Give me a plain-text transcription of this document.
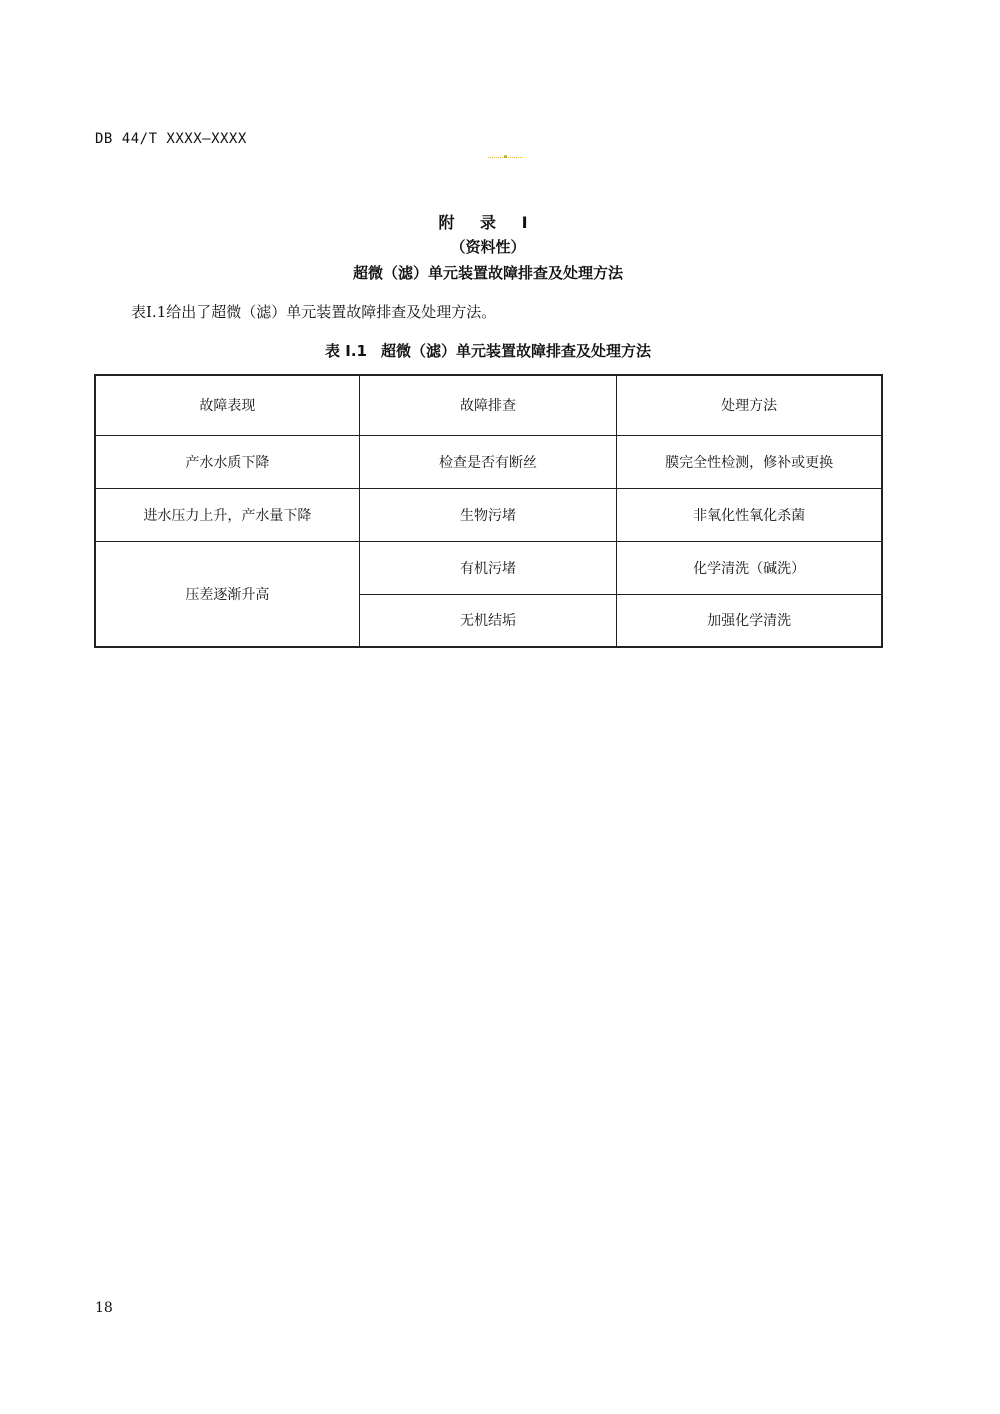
DB 44/T XXXX—XXXX
附 录 I
（资料性）
超微（滤）单元装置故障排查及处理方法
表I.1给出了超微（滤）单元装置故障排查及处理方法。
表 I.1 超微（滤）单元装置故障排查及处理方法
故障表现	故障排查	处理方法
产水水质下降	检查是否有断丝	膜完全性检测，修补或更换
进水压力上升，产水量下降	生物污堵	非氧化性氧化杀菌
压差逐渐升高	有机污堵	化学清洗（碱洗）
	无机结垢	加强化学清洗
18
